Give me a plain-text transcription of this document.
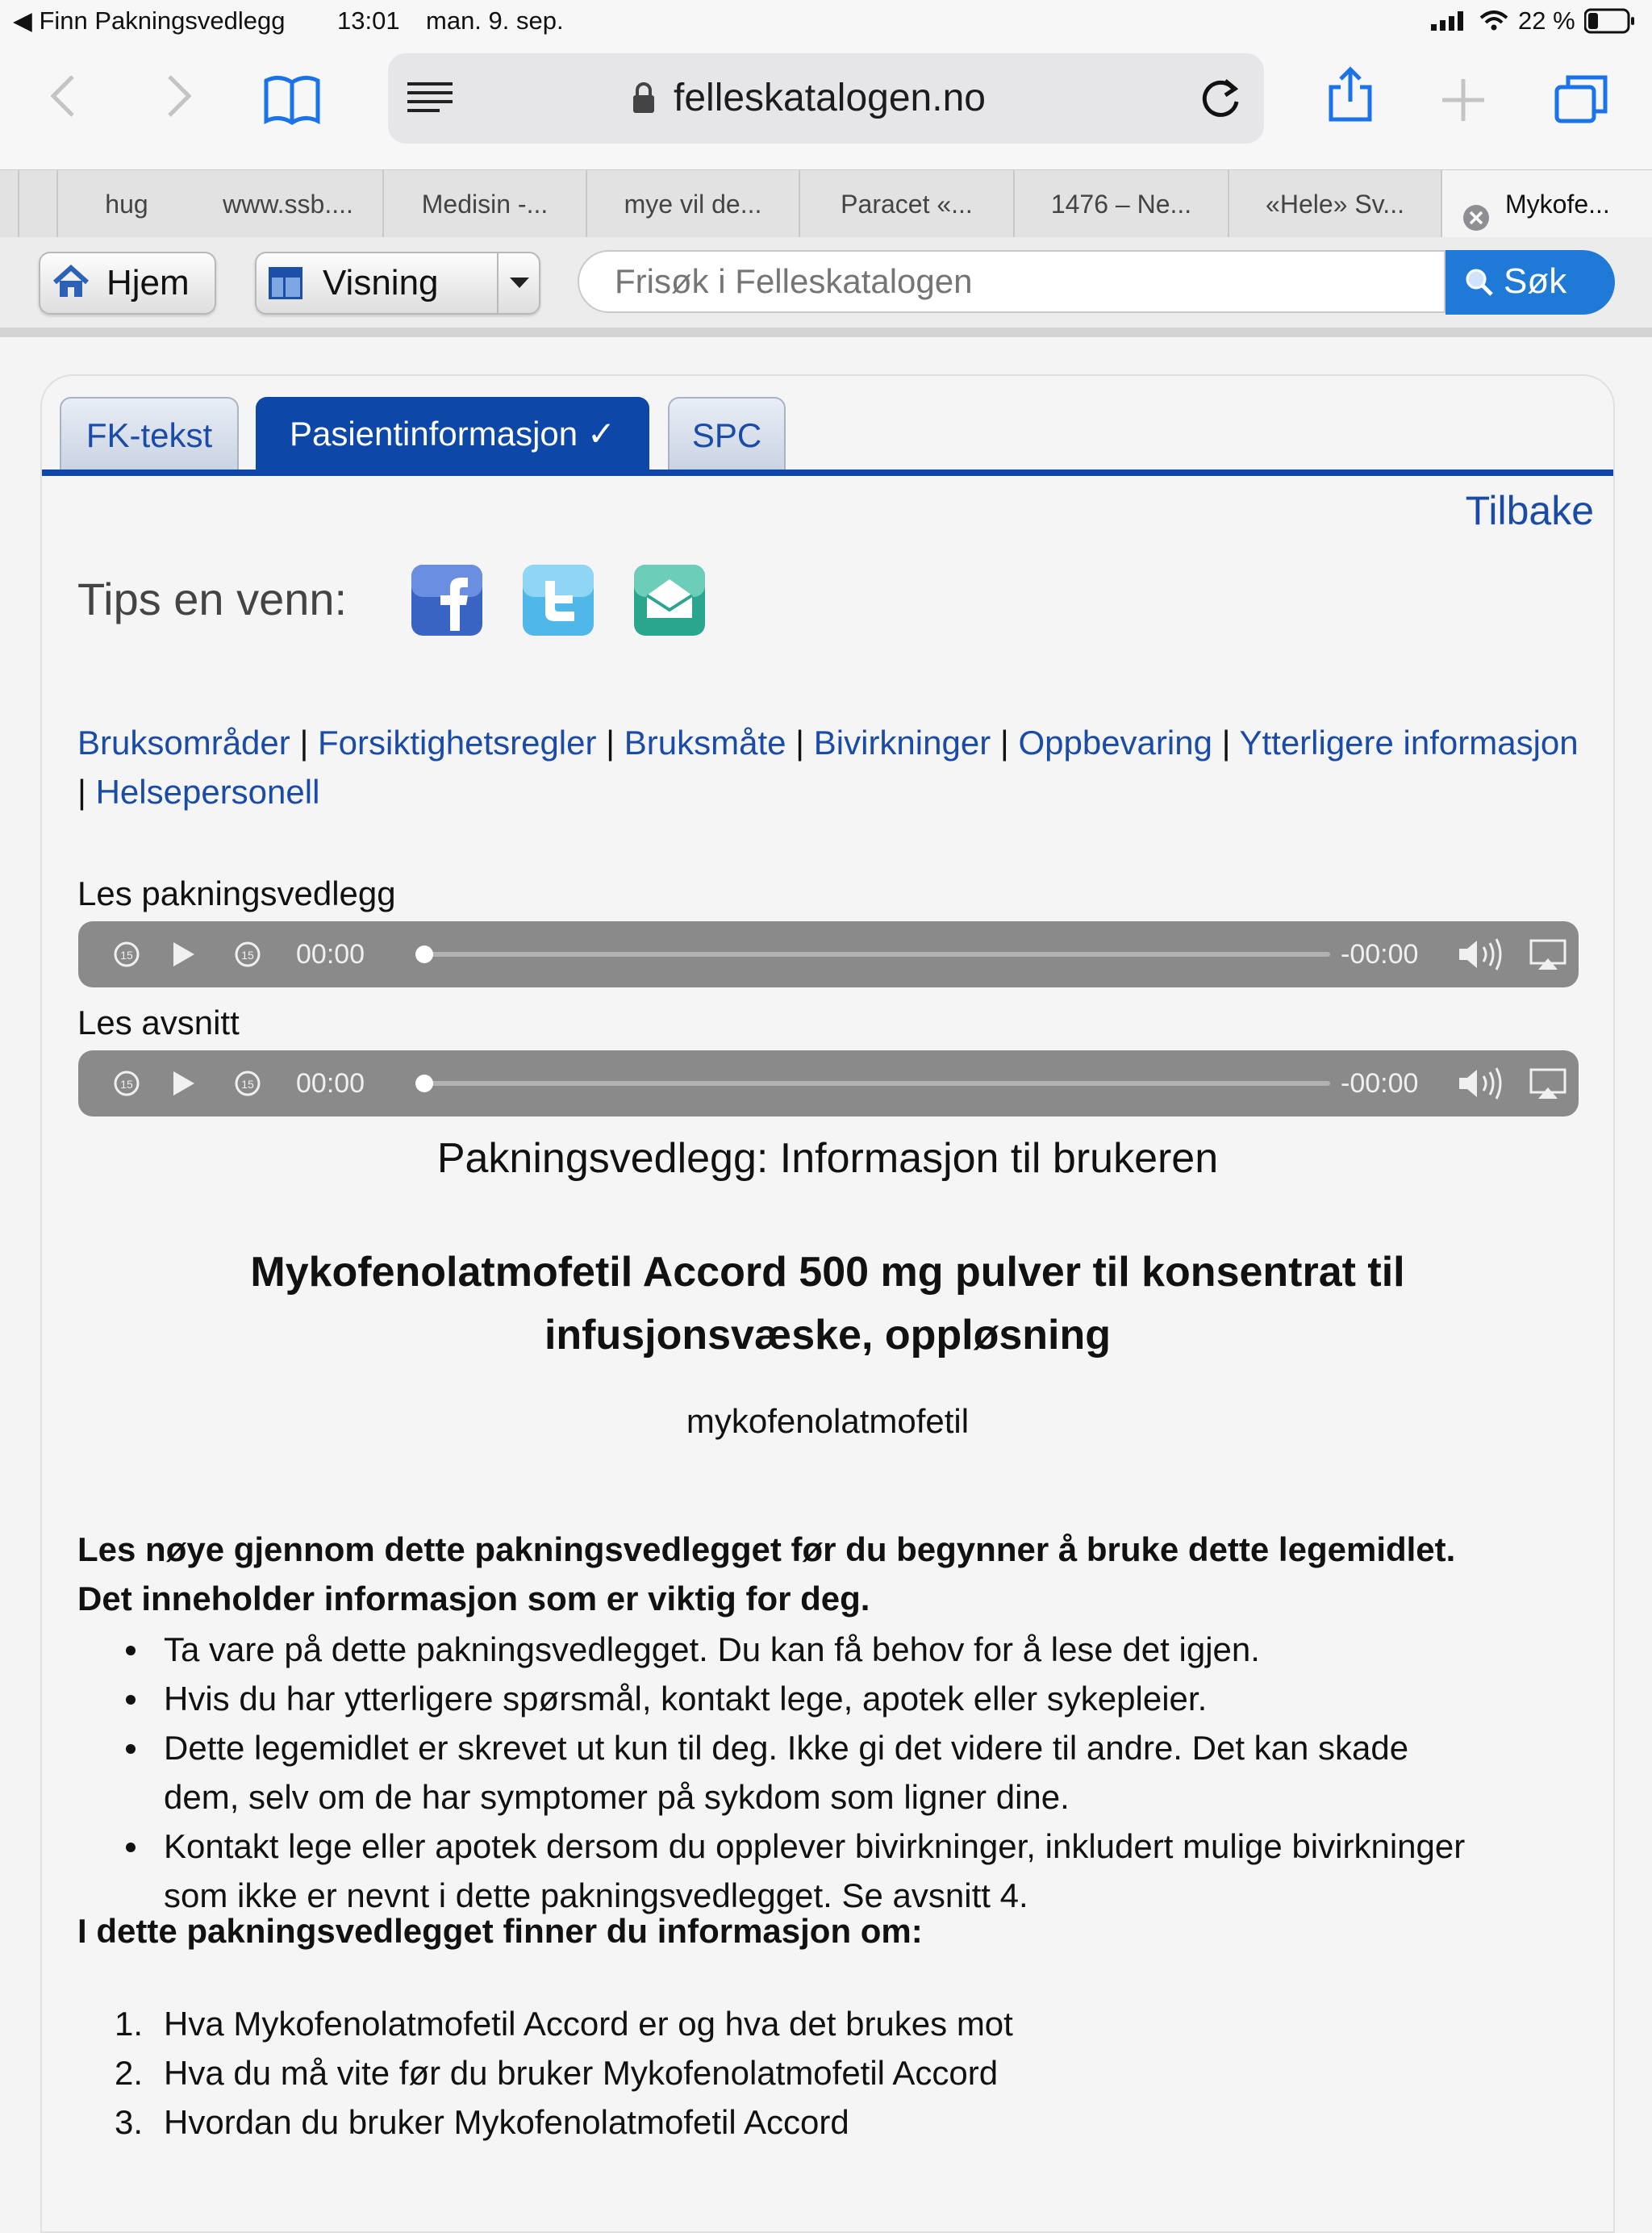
◀ Finn Pakningsvedlegg 13:01 man. 9. sep.	22 %
felleskatalogen.no
hug	www.ssb....	Medisin -...	mye vil de...	Paracet «...	1476 – Ne...	«Hele» Sv...	Mykofe...
Hjem	Visning
Frisøk i Felleskatalogen	Søk
FK-tekst	Pasientinformasjon ✓	SPC
Tilbake
Tips en venn:
Bruksområder | Forsiktighetsregler | Bruksmåte | Bivirkninger | Oppbevaring | Ytterligere informasjon | Helsepersonell
Les pakningsvedlegg
15	15 00:00	-00:00
Les avsnitt
15	15 00:00	-00:00
Pakningsvedlegg: Informasjon til brukeren
Mykofenolatmofetil Accord 500 mg pulver til konsentrat til
infusjonsvæske, oppløsning
mykofenolatmofetil
Les nøye gjennom dette pakningsvedlegget før du begynner å bruke dette legemidlet.
Det inneholder informasjon som er viktig for deg.
Ta vare på dette pakningsvedlegget. Du kan få behov for å lese det igjen.
Hvis du har ytterligere spørsmål, kontakt lege, apotek eller sykepleier.
Dette legemidlet er skrevet ut kun til deg. Ikke gi det videre til andre. Det kan skade
dem, selv om de har symptomer på sykdom som ligner dine.
Kontakt lege eller apotek dersom du opplever bivirkninger, inkludert mulige bivirkninger
som ikke er nevnt i dette pakningsvedlegget. Se avsnitt 4.
I dette pakningsvedlegget finner du informasjon om:
1. Hva Mykofenolatmofetil Accord er og hva det brukes mot
2. Hva du må vite før du bruker Mykofenolatmofetil Accord
3. Hvordan du bruker Mykofenolatmofetil Accord
